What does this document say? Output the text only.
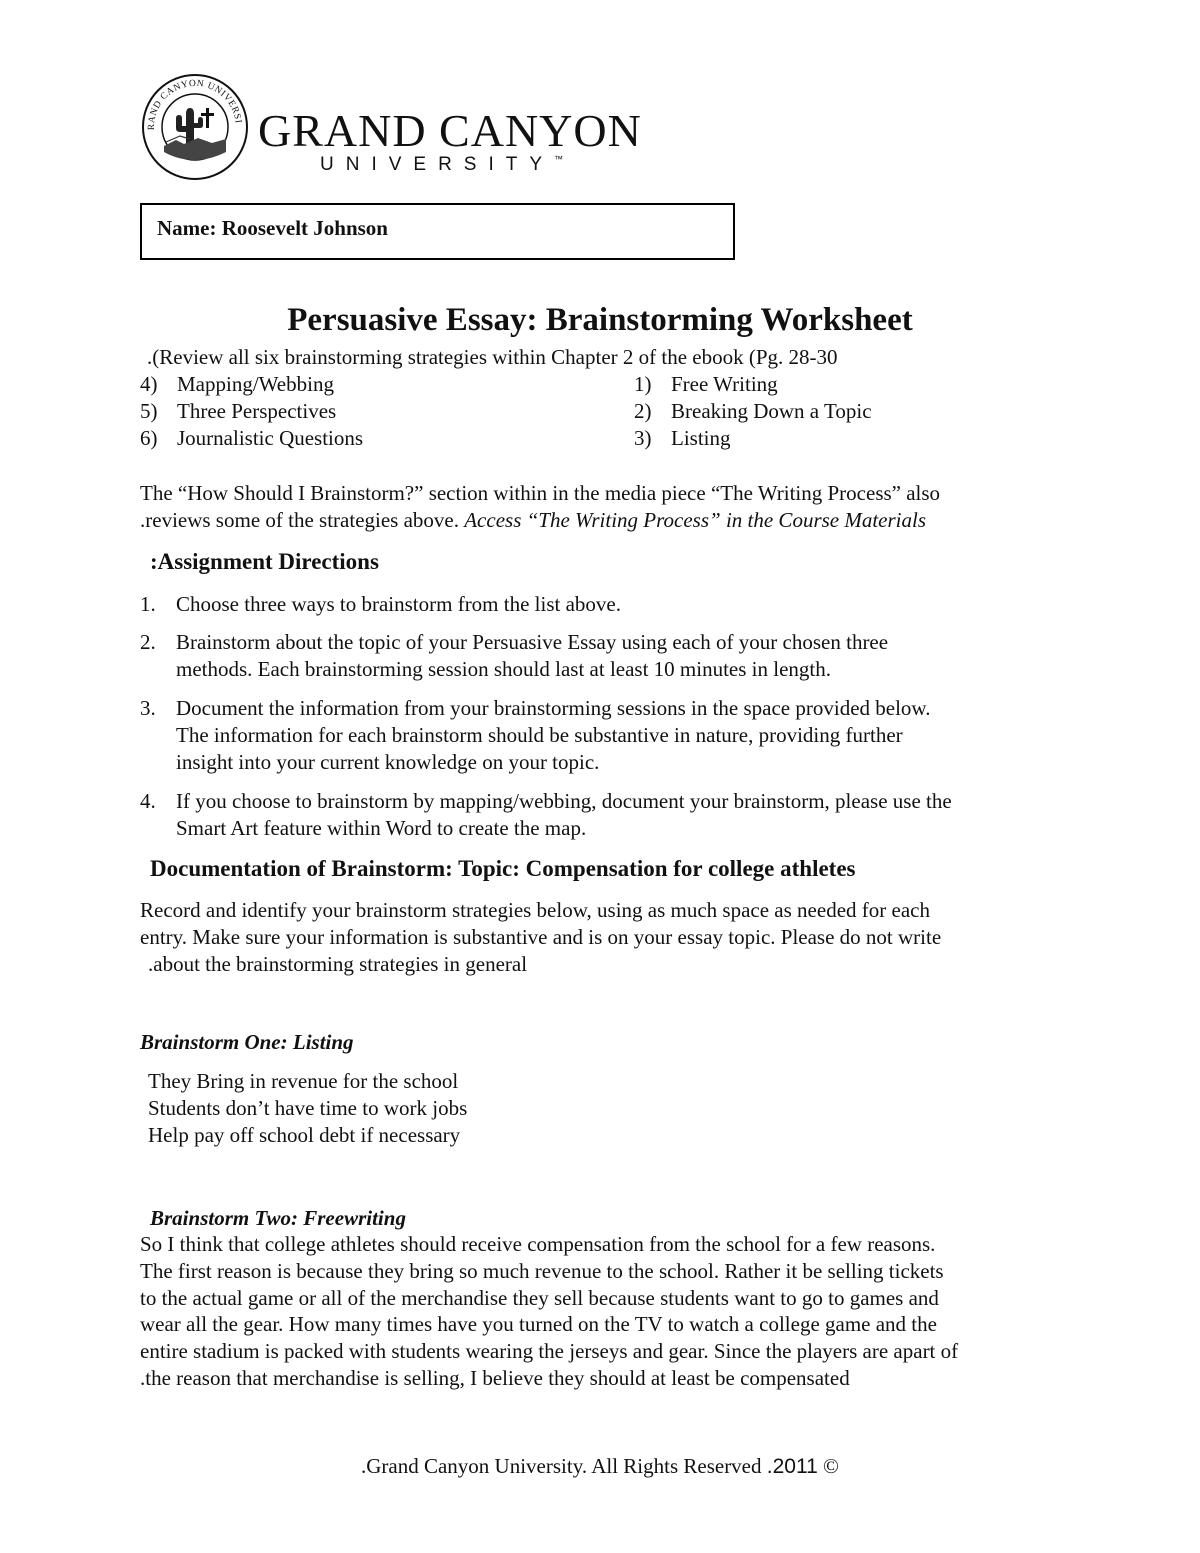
RAND CANYON UNIVERSI GRAND CANYON
UNIVERSITY™
Name: Roosevelt Johnson
Persuasive Essay: Brainstorming Worksheet
.(Review all six brainstorming strategies within Chapter 2 of the ebook (Pg. 28-30
4) Mapping/Webbing
5) Three Perspectives
6) Journalistic Questions
1) Free Writing
2) Breaking Down a Topic
3) Listing
The “How Should I Brainstorm?” section within in the media piece “The Writing Process” also
.reviews some of the strategies above. Access “The Writing Process” in the Course Materials
:Assignment Directions
1. Choose three ways to brainstorm from the list above.
2. Brainstorm about the topic of your Persuasive Essay using each of your chosen three
methods. Each brainstorming session should last at least 10 minutes in length.
3. Document the information from your brainstorming sessions in the space provided below.
The information for each brainstorm should be substantive in nature, providing further
insight into your current knowledge on your topic.
4. If you choose to brainstorm by mapping/webbing, document your brainstorm, please use the
Smart Art feature within Word to create the map.
Documentation of Brainstorm: Topic: Compensation for college athletes
Record and identify your brainstorm strategies below, using as much space as needed for each
entry. Make sure your information is substantive and is on your essay topic. Please do not write
.about the brainstorming strategies in general
Brainstorm One: Listing
They Bring in revenue for the school
Students don’t have time to work jobs
Help pay off school debt if necessary
Brainstorm Two: Freewriting
So I think that college athletes should receive compensation from the school for a few reasons.
The first reason is because they bring so much revenue to the school. Rather it be selling tickets
to the actual game or all of the merchandise they sell because students want to go to games and
wear all the gear. How many times have you turned on the TV to watch a college game and the
entire stadium is packed with students wearing the jerseys and gear. Since the players are apart of
.the reason that merchandise is selling, I believe they should at least be compensated
.Grand Canyon University. All Rights Reserved .2011 ©
